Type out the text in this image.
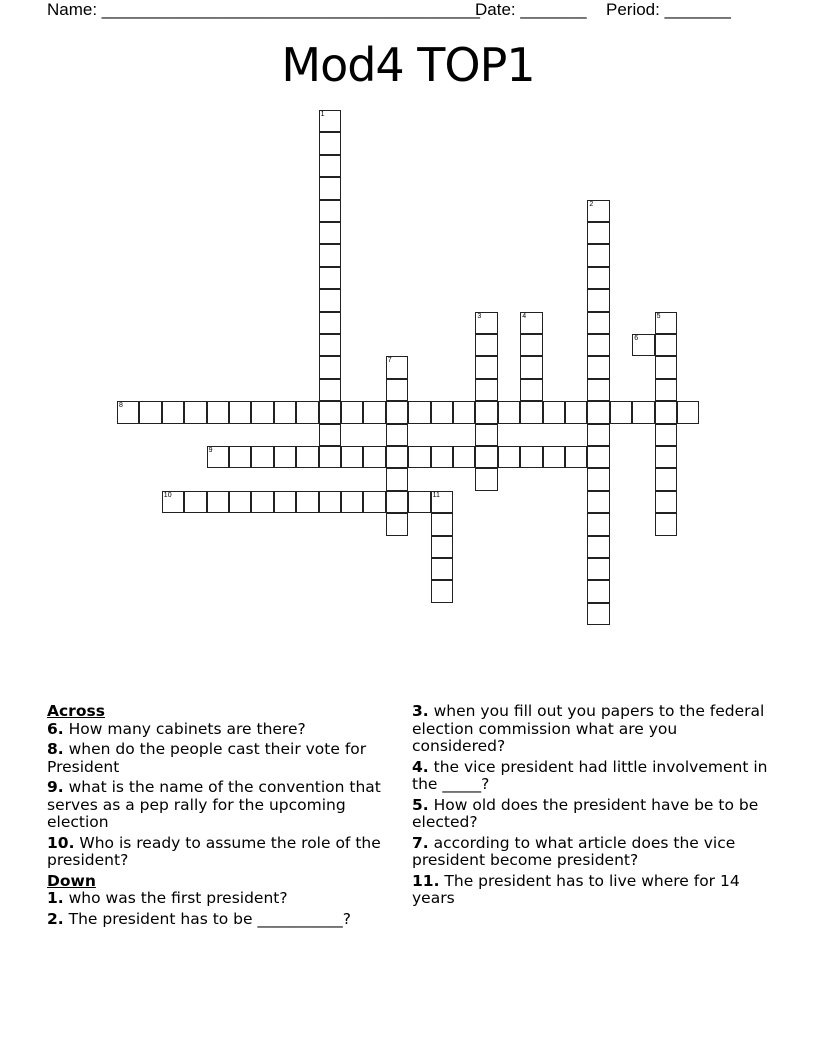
Name: ________________________________________
Date: _______ Period: _______
Mod4 TOP1
1
2
3	4	5
6
7
8
9
10	11
Across
6. How many cabinets are there?
8. when do the people cast their vote for President
9. what is the name of the convention that serves as a pep rally for the upcoming election
10. Who is ready to assume the role of the president?
Down
1. who was the first president?
2. The president has to be ___________?
3. when you fill out you papers to the federal election commission what are you considered?
4. the vice president had little involvement in the _____?
5. How old does the president have be to be elected?
7. according to what article does the vice president become president?
11. The president has to live where for 14 years
